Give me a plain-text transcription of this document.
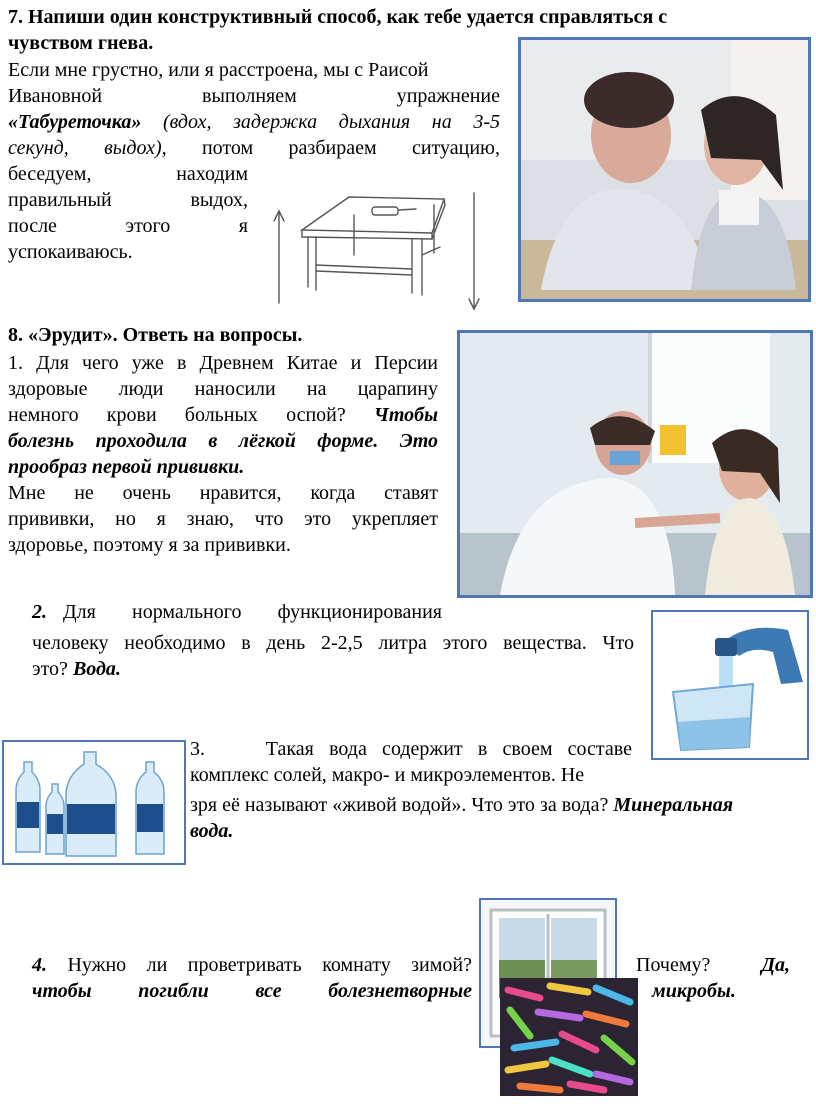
7. Напиши один конструктивный способ, как тебе удается справляться с
чувством гнева.
Если мне грустно, или я расстроена, мы с Раисой
Ивановной выполняем упражнение
«Табуреточка» (вдох, задержка дыхания на 3-5
секунд, выдох), потом разбираем ситуацию,
беседуем, находим
правильный выдох,
после этого я
успокаиваюсь.
8. «Эрудит». Ответь на вопросы.
1. Для чего уже в Древнем Китае и Персии
здоровые люди наносили на царапину
немного крови больных оспой? Чтобы
болезнь проходила в лёгкой форме. Это
прообраз первой прививки.
Мне не очень нравится, когда ставят
прививки, но я знаю, что это укрепляет
здоровье, поэтому я за прививки.
2. Для нормального функционирования
человеку необходимо в день 2-2,5 литра этого вещества. Что
это? Вода.
3.	Такая вода содержит в своем составе
комплекс солей, макро- и микроэлементов. Не
зря её называют «живой водой». Что это за вода? Минеральная
вода.
4. Нужно ли проветривать комнату зимой?
чтобы погибли все болезнетворные
Почему?	Да,
микробы.
